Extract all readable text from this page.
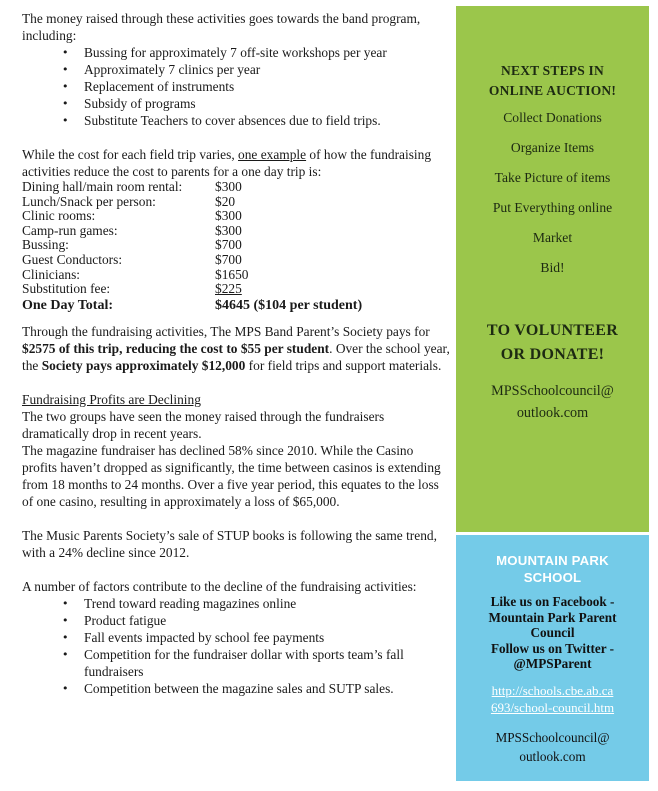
The money raised through these activities goes towards the band program, including:

• Bussing for approximately 7 off-site workshops per year
• Approximately 7 clinics per year
• Replacement of instruments
• Subsidy of programs
• Substitute Teachers to cover absences due to field trips.

While the cost for each field trip varies, one example of how the fundraising activities reduce the cost to parents for a one day trip is:

Dining hall/main room rental:	$300
Lunch/Snack per person:	$20
Clinic rooms:	$300
Camp-run games:	$300
Bussing:	$700
Guest Conductors:	$700
Clinicians:	$1650
Substitution fee:	$225
One Day Total:	$4645 ($104 per student)

Through the fundraising activities, The MPS Band Parent’s Society pays for $2575 of this trip, reducing the cost to $55 per student. Over the school year, the Society pays approximately $12,000 for field trips and support materials.

Fundraising Profits are Declining

The two groups have seen the money raised through the fundraisers dramatically drop in recent years.

The magazine fundraiser has declined 58% since 2010. While the Casino profits haven’t dropped as significantly, the time between casinos is extending from 18 months to 24 months. Over a five year period, this equates to the loss of one casino, resulting in approximately a loss of $65,000.

The Music Parents Society’s sale of STUP books is following the same trend, with a 24% decline since 2012.

A number of factors contribute to the decline of the fundraising activities:

• Trend toward reading magazines online
• Product fatigue
• Fall events impacted by school fee payments
• Competition for the fundraiser dollar with sports team’s fall fundraisers
• Competition between the magazine sales and SUTP sales.
NEXT STEPS IN
ONLINE AUCTION!
Collect Donations
Organize Items
Take Picture of items
Put Everything online
Market
Bid!
TO VOLUNTEER
OR DONATE!
MPSSchoolcouncil@
outlook.com
MOUNTAIN PARK
SCHOOL
Like us on Facebook -
Mountain Park Parent
Council
Follow us on Twitter -
@MPSParent
http://schools.cbe.ab.ca
693/school-council.htm
MPSSchoolcouncil@
outlook.com
